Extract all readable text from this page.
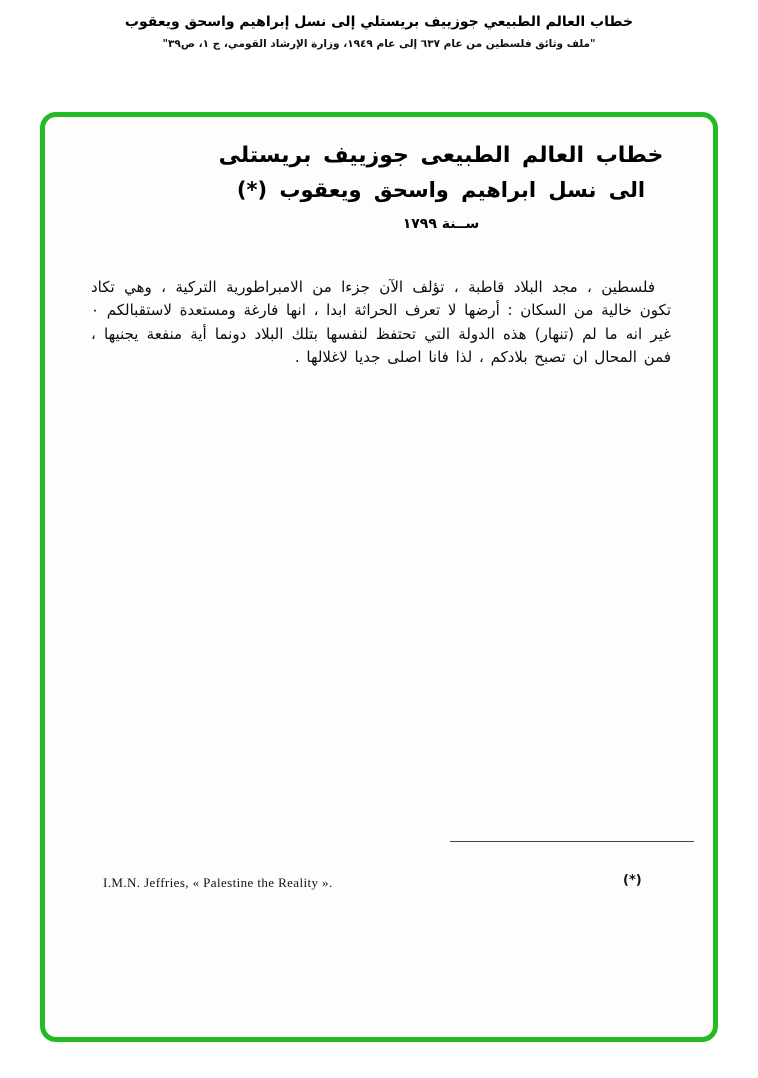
خطاب العالم الطبيعي جوزييف بريستلي إلى نسل إبراهيم واسحق ويعقوب
"ملف وثائق فلسطين من عام ٦٣٧ إلى عام ١٩٤٩، وزارة الإرشاد القومي، ج ١، ص٣٩"
خطاب العالم الطبيعى جوزييف بريستلى
الى نسل ابراهيم واسحق ويعقوب (*)
ســنة ١٧٩٩

فلسطين ، مجد البلاد قاطبة ، تؤلف الآن جزءا من الامبراطورية التركية ، وهي تكاد تكون خالية من السكان : أرضها لا تعرف الحراثة ابدا ، انها فارغة ومستعدة لاستقبالكم ٠ غير انه ما لم (تنهار) هذه الدولة التي تحتفظ لنفسها بتلك البلاد دونما أية منفعة يجنيها ، فمن المحال ان تصبح بلادكم ، لذا فانا اصلى جديا لاغلالها .

I.M.N. Jeffries, « Palestine the Reality ».	(*)
